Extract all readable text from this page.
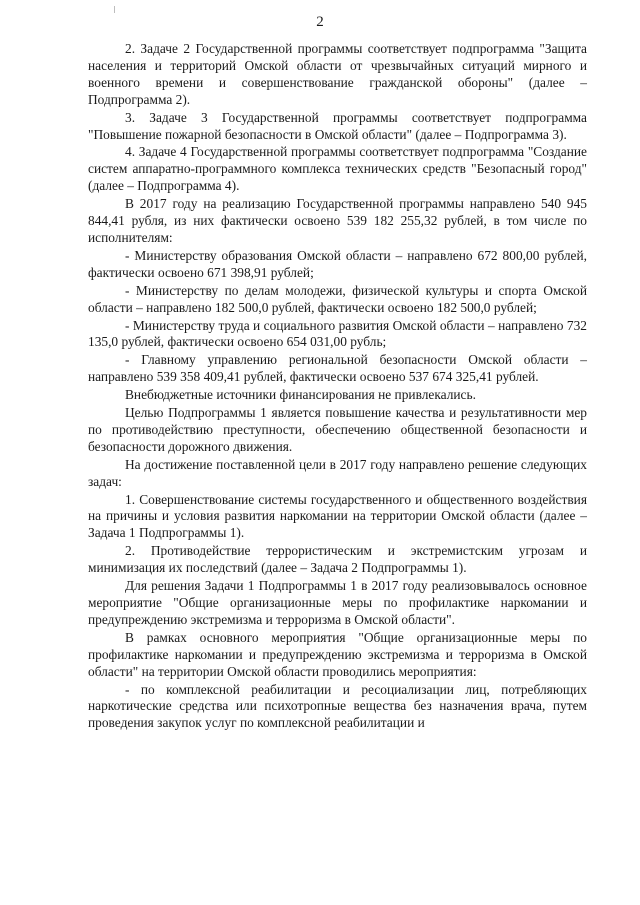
2

2. Задаче 2 Государственной программы соответствует подпрограмма "Защита населения и территорий Омской области от чрезвычайных ситуаций мирного и военного времени и совершенствование гражданской обороны" (далее – Подпрограмма 2).

3. Задаче 3 Государственной программы соответствует подпрограмма "Повышение пожарной безопасности в Омской области" (далее – Подпрограмма 3).

4. Задаче 4 Государственной программы соответствует подпрограмма "Создание систем аппаратно-программного комплекса технических средств "Безопасный город" (далее – Подпрограмма 4).

В 2017 году на реализацию Государственной программы направлено 540 945 844,41 рубля, из них фактически освоено 539 182 255,32 рублей, в том числе по исполнителям:

- Министерству образования Омской области – направлено 672 800,00 рублей, фактически освоено 671 398,91 рублей;

- Министерству по делам молодежи, физической культуры и спорта Омской области – направлено 182 500,0 рублей, фактически освоено 182 500,0 рублей;

- Министерству труда и социального развития Омской области – направлено 732 135,0 рублей, фактически освоено 654 031,00 рубль;

- Главному управлению региональной безопасности Омской области – направлено 539 358 409,41 рублей, фактически освоено 537 674 325,41 рублей.

Внебюджетные источники финансирования не привлекались.

Целью Подпрограммы 1 является повышение качества и результативности мер по противодействию преступности, обеспечению общественной безопасности и безопасности дорожного движения.

На достижение поставленной цели в 2017 году направлено решение следующих задач:

1. Совершенствование системы государственного и общественного воздействия на причины и условия развития наркомании на территории Омской области (далее – Задача 1 Подпрограммы 1).

2. Противодействие террористическим и экстремистским угрозам и минимизация их последствий (далее – Задача 2 Подпрограммы 1).

Для решения Задачи 1 Подпрограммы 1 в 2017 году реализовывалось основное мероприятие "Общие организационные меры по профилактике наркомании и предупреждению экстремизма и терроризма в Омской области".

В рамках основного мероприятия "Общие организационные меры по профилактике наркомании и предупреждению экстремизма и терроризма в Омской области" на территории Омской области проводились мероприятия:

- по комплексной реабилитации и ресоциализации лиц, потребляющих наркотические средства или психотропные вещества без назначения врача, путем проведения закупок услуг по комплексной реабилитации и
